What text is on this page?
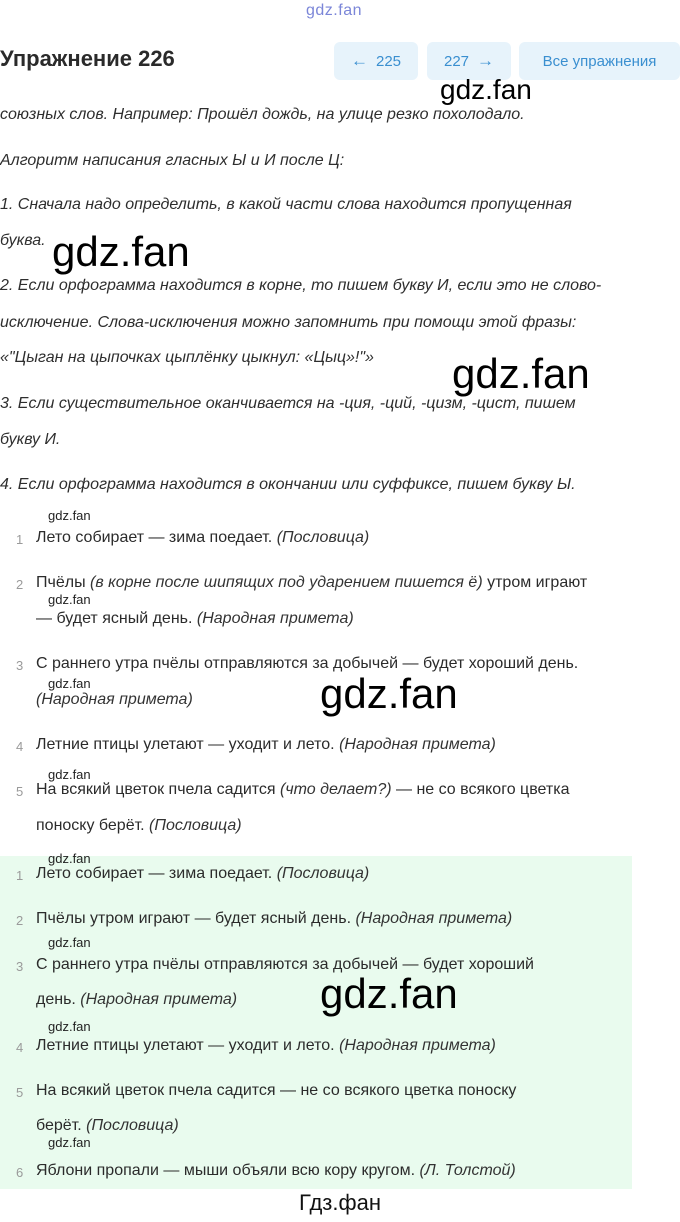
gdz.fan
Упражнение 226	← 225	227 →	Все упражнения
союзных слов. Например: Прошёл дождь, на улице резко похолодало.
Алгоритм написания гласных Ы и И после Ц:
1. Сначала надо определить, в какой части слова находится пропущенная
буква.
2. Если орфограмма находится в корне, то пишем букву И, если это не слово-
исключение. Слова-исключения можно запомнить при помощи этой фразы:
«"Цыган на цыпочках цыплёнку цыкнул: «Цыц»!"»
3. Если существительное оканчивается на -ция, -ций, -цизм, -цист, пишем
букву И.
4. Если орфограмма находится в окончании или суффиксе, пишем букву Ы.
gdz.fan
1 Лето собирает — зима поедает. (Пословица)
2 Пчёлы (в корне после шипящих под ударением пишется ё) утром играют
gdz.fan
— будет ясный день. (Народная примета)
3 С раннего утра пчёлы отправляются за добычей — будет хороший день.
gdz.fan
(Народная примета)
4 Летние птицы улетают — уходит и лето. (Народная примета)
gdz.fan
5 На всякий цветок пчела садится (что делает?) — не со всякого цветка
поноску берёт. (Пословица)
gdz.fan
1 Лето собирает — зима поедает. (Пословица)
2 Пчёлы утром играют — будет ясный день. (Народная примета)
gdz.fan
3 С раннего утра пчёлы отправляются за добычей — будет хороший
день. (Народная примета)
gdz.fan
4 Летние птицы улетают — уходит и лето. (Народная примета)
5 На всякий цветок пчела садится — не со всякого цветка поноску
берёт. (Пословица)
gdz.fan
6 Яблони пропали — мыши объяли всю кору кругом. (Л. Толстой)
gdz.fan
gdz.fan
gdz.fan
gdz.fan
gdz.fan
Гдз.фан
